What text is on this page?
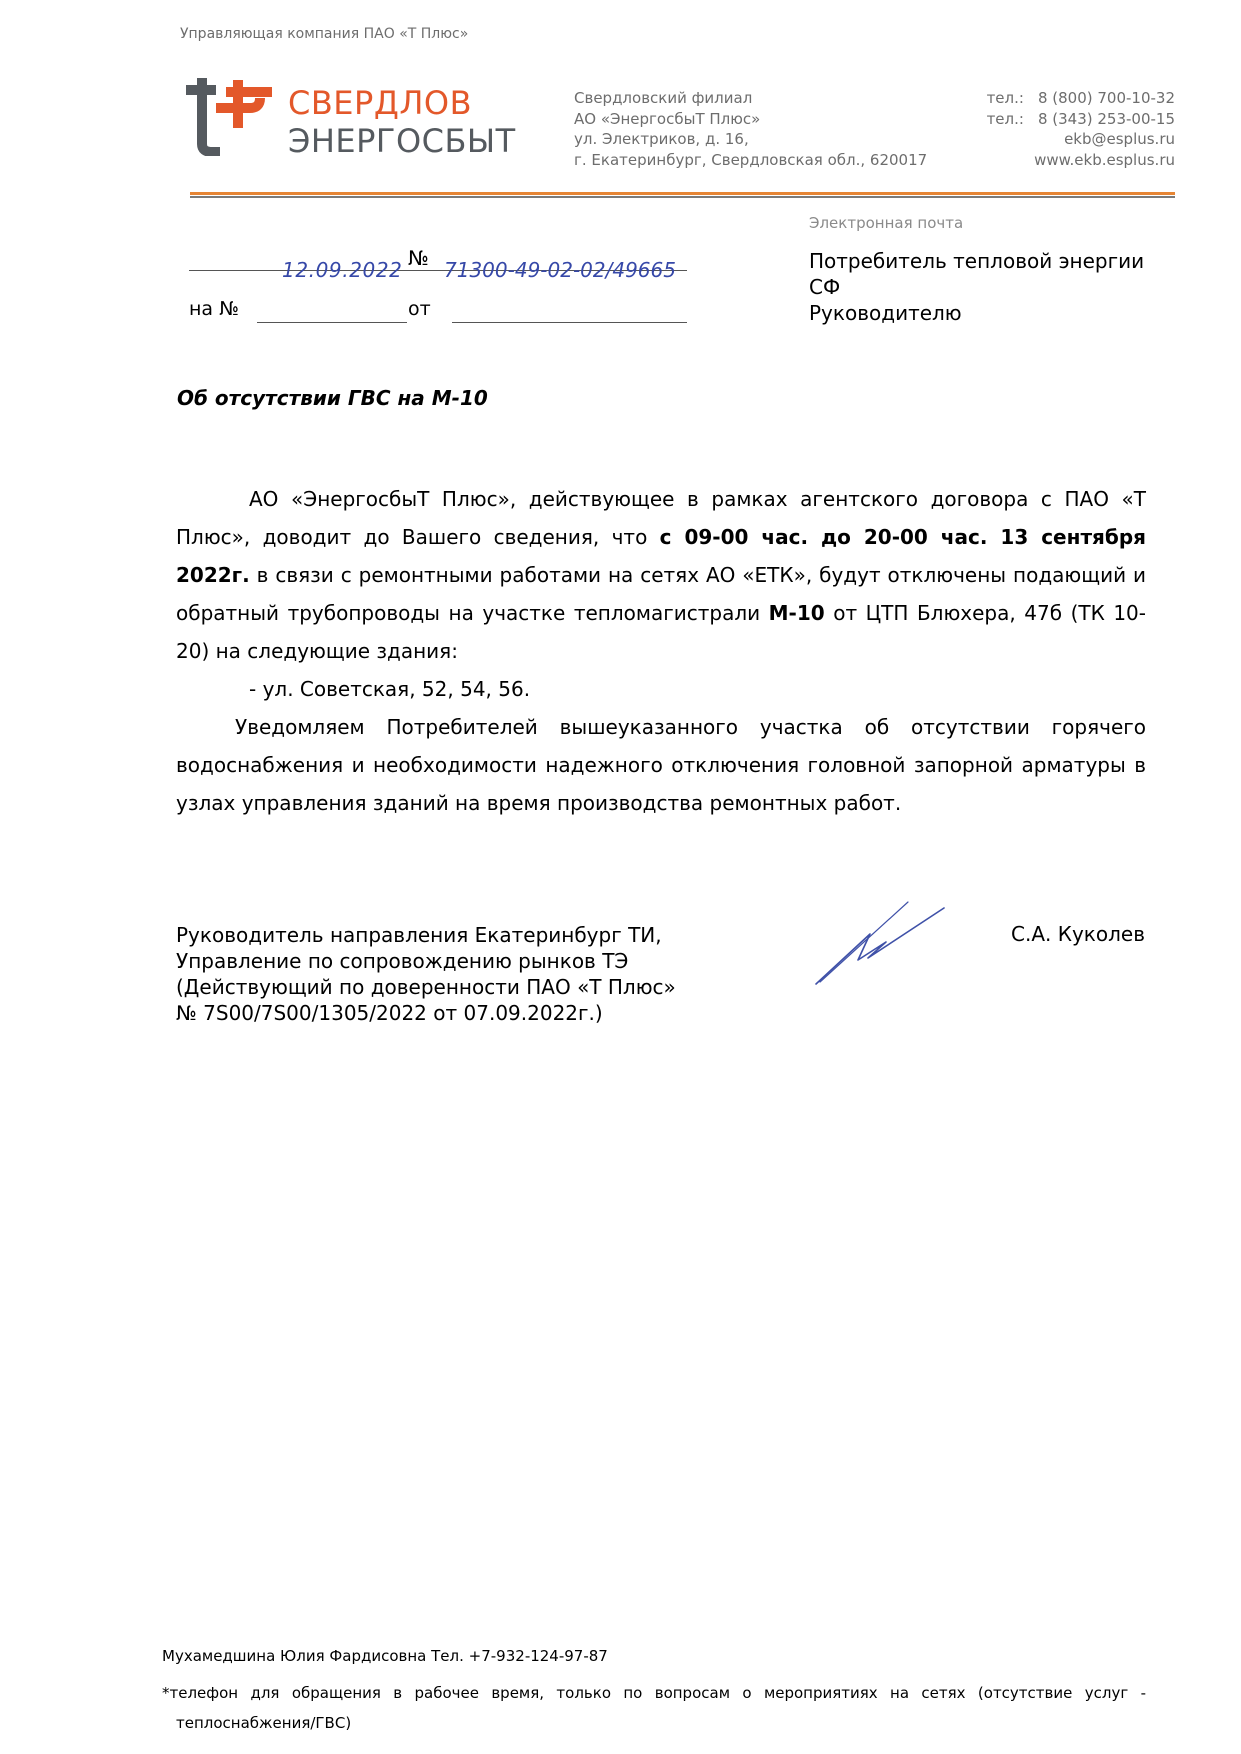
Управляющая компания ПАО «Т Плюс»
СВЕРДЛОВ
ЭНЕРГОСБЫТ
Свердловский филиал
АО «ЭнергосбыТ Плюс»
ул. Электриков, д. 16,
г. Екатеринбург, Свердловская обл., 620017
тел.: 8 (800) 700-10-32
тел.: 8 (343) 253-00-15
ekb@esplus.ru
www.ekb.esplus.ru
Электронная почта
12.09.2022 № 71300-49-02-02/49665
на №	от
Потребитель тепловой энергии
СФ
Руководителю
Об отсутствии ГВС на М-10

АО «ЭнергосбыТ Плюс», действующее в рамках агентского договора с ПАО «Т Плюс», доводит до Вашего сведения, что с 09-00 час. до 20-00 час. 13 сентября 2022г. в связи с ремонтными работами на сетях АО «ЕТК», будут отключены подающий и обратный трубопроводы на участке тепломагистрали М-10 от ЦТП Блюхера, 47б (ТК 10-20) на следующие здания:

- ул. Советская, 52, 54, 56.

Уведомляем Потребителей вышеуказанного участка об отсутствии горячего водоснабжения и необходимости надежного отключения головной запорной арматуры в узлах управления зданий на время производства ремонтных работ.

Руководитель направления Екатеринбург ТИ,
Управление по сопровождению рынков ТЭ
(Действующий по доверенности ПАО «Т Плюс»
№ 7S00/7S00/1305/2022 от 07.09.2022г.)
С.А. Куколев
Мухамедшина Юлия Фардисовна Тел. +7-932-124-97-87

*телефон для обращения в рабочее время, только по вопросам о мероприятиях на сетях (отсутствие услуг -

теплоснабжения/ГВС)
